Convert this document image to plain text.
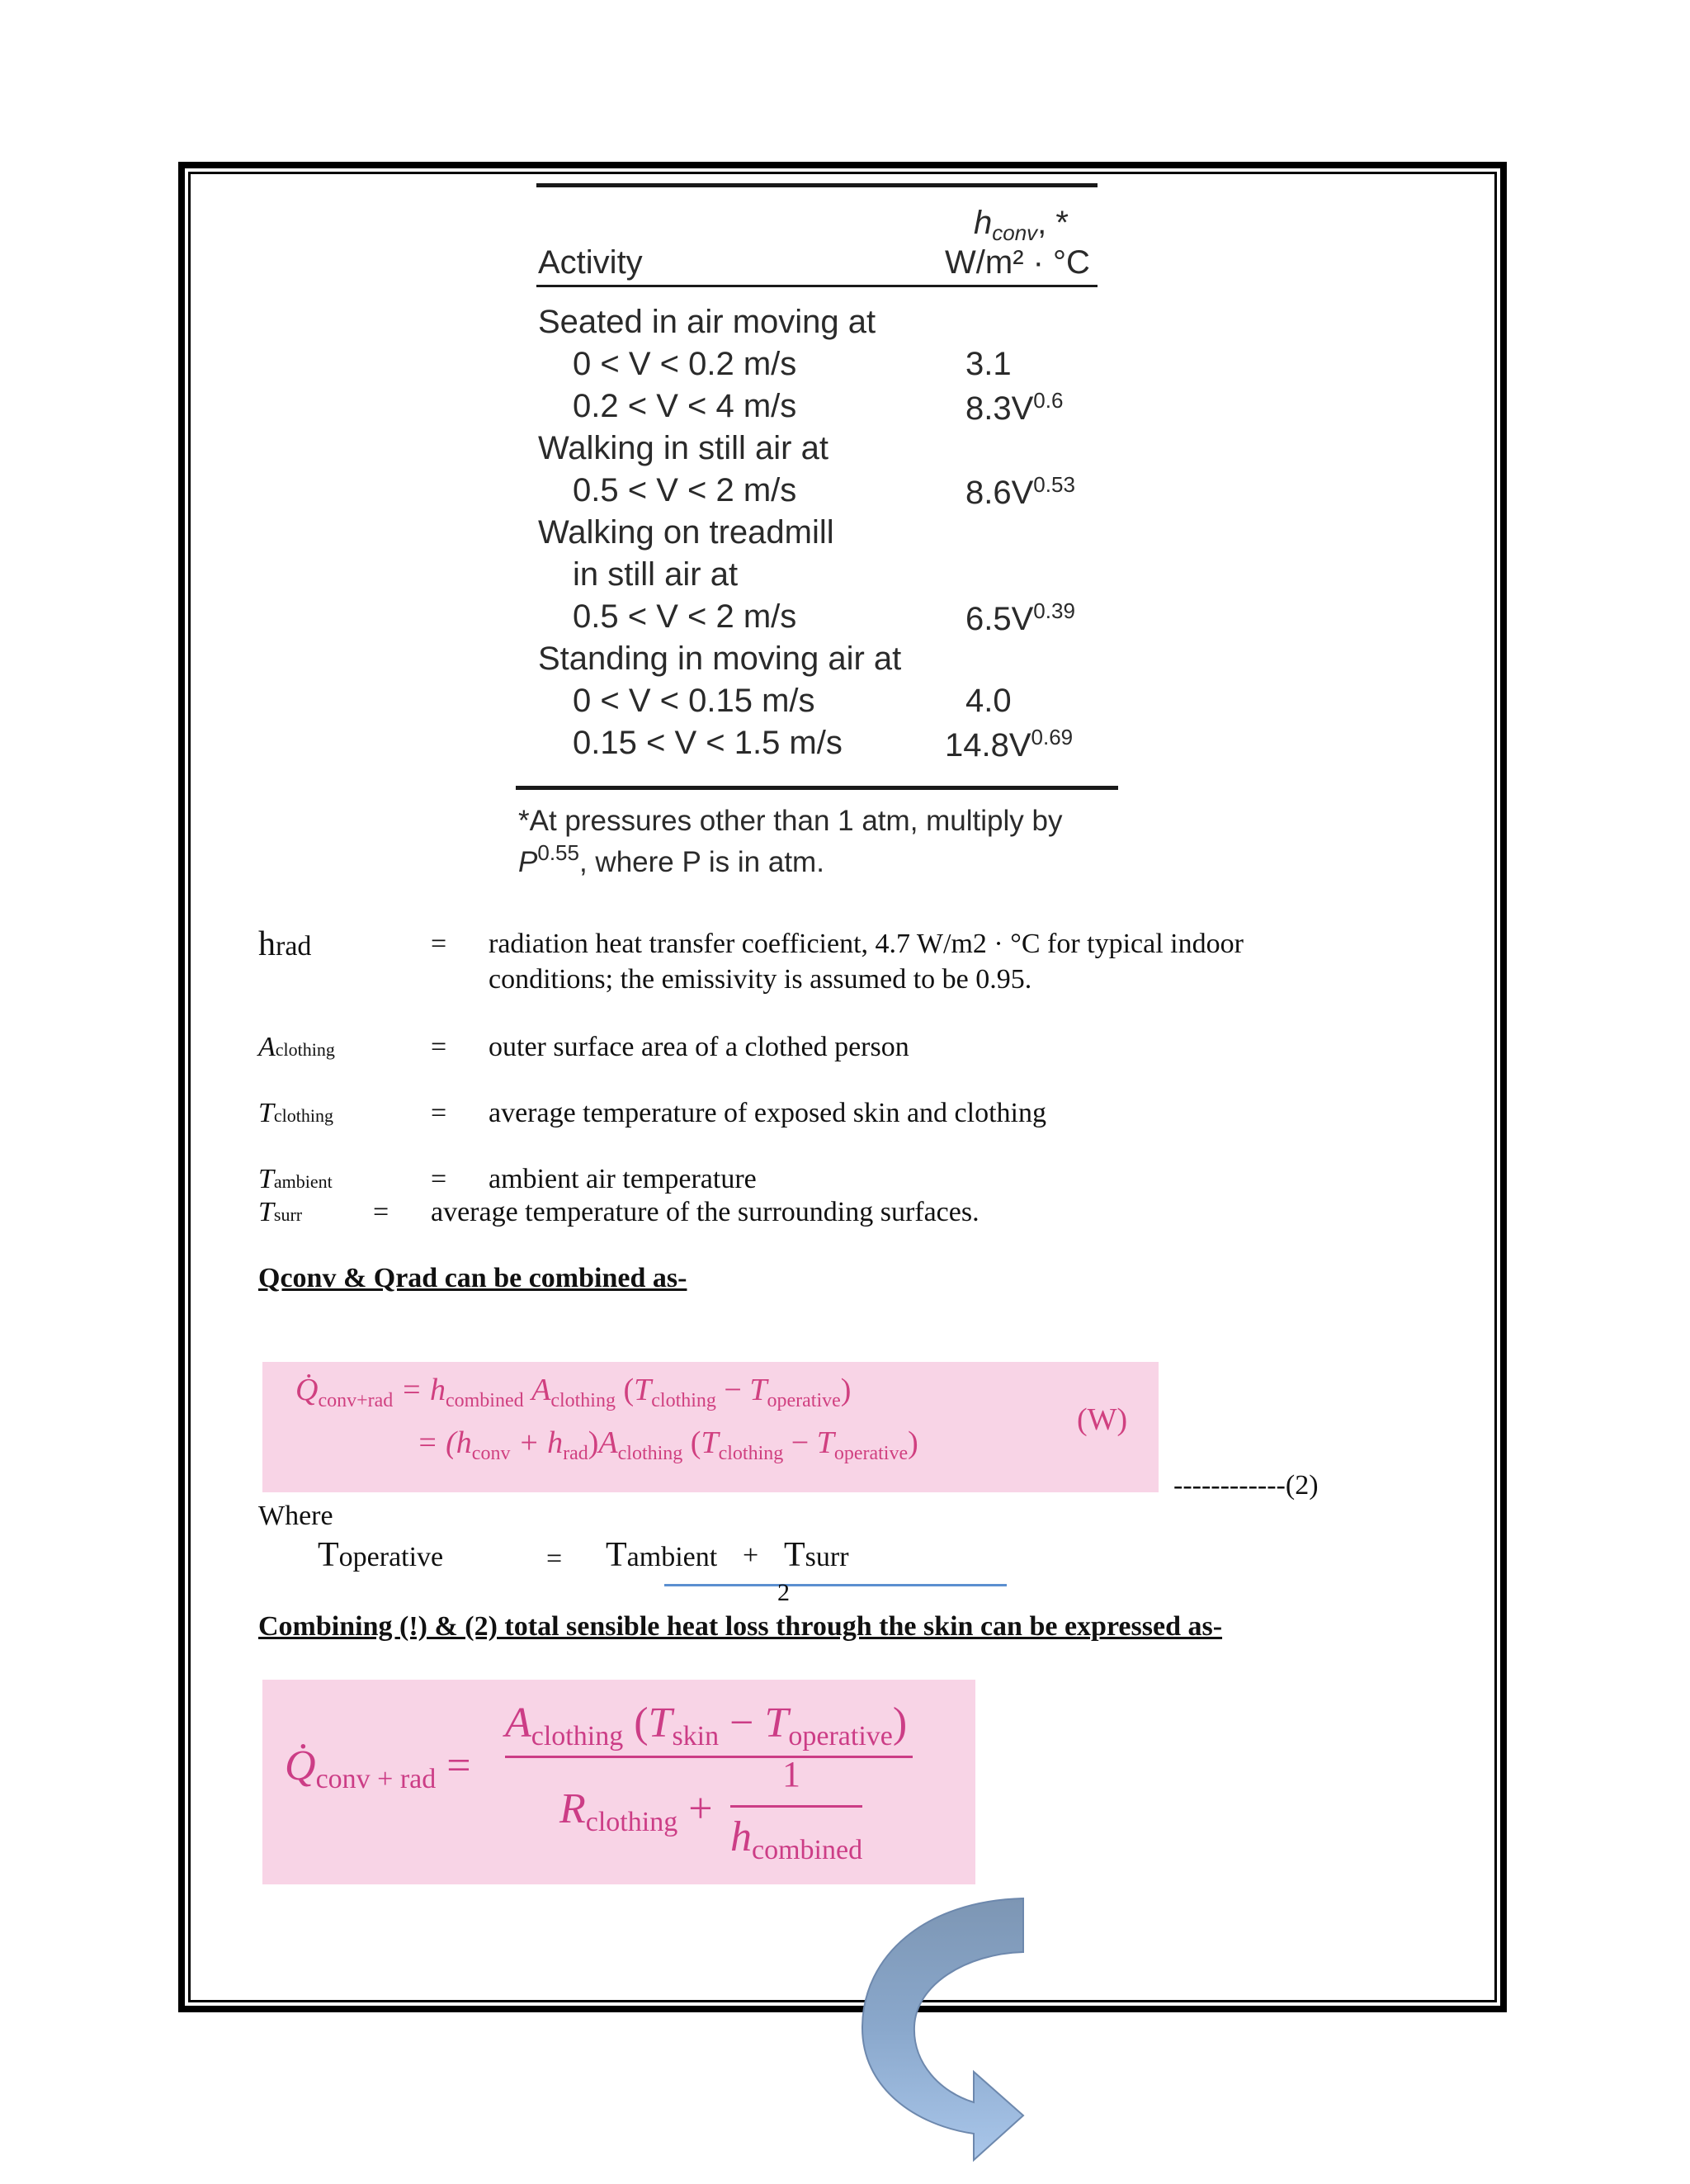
$h_{conv}$, *
Activity	W/m² · °C
Seated in air moving at
0 < V < 0.2 m/s	3.1
0.2 < V < 4 m/s	$8.3V^{0.6}$
Walking in still air at
0.5 < V < 2 m/s	$8.6V^{0.53}$
Walking on treadmill
in still air at
0.5 < V < 2 m/s	$6.5V^{0.39}$
Standing in moving air at
0 < V < 0.15 m/s	4.0
0.15 < V < 1.5 m/s	$14.8V^{0.69}$
*At pressures other than 1 atm, multiply by
$P^{0.55}$, where P is in atm.
hrad	= radiation heat transfer coefficient, 4.7 W/m2 · °C for typical indoor
conditions; the emissivity is assumed to be 0.95.
Aclothing	= outer surface area of a clothed person
Tclothing	= average temperature of exposed skin and clothing
Tambient	= ambient air temperature
Tsurr	= average temperature of the surrounding surfaces.
Qconv & Qrad can be combined as-
$Q̇_{conv+rad} = h_{combined}$ $A_{clothing}$ $(T_{clothing} - T_{operative})$
= $(h_{conv} + h_{rad})A_{clothing}$ $(T_{clothing} - T_{operative})$
(W)
------------(2)
Where
Toperative	= Tambient + Tsurr
2
Combining (!) & (2) total sensible heat loss through the skin can be expressed as-
Q̇conv + rad =
Aclothing (Tskin − Toperative)
Rclothing +
1
hcombined
